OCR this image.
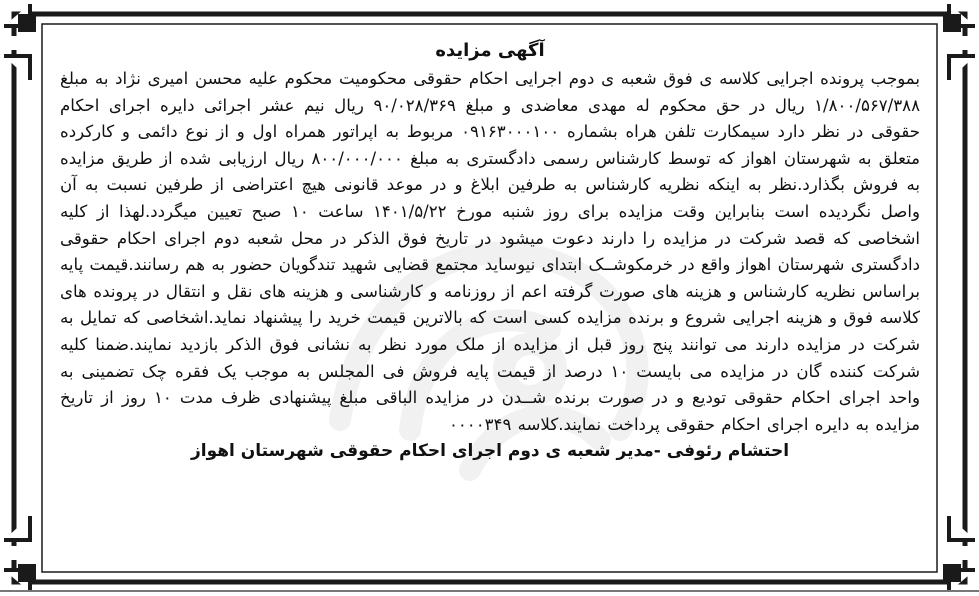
آگهی مزایده

بموجب پرونده اجرایی کلاسه ی فوق شعبه ی دوم اجرایی احکام حقوقی محکومیت محکوم علیه محسن امیری نژاد به مبلغ ۱/۸۰۰/۵۶۷/۳۸۸ ریال در حق محکوم له مهدی معاضدی و مبلغ ۹۰/۰۲۸/۳۶۹ ریال نیم عشر اجرائی دایره اجرای احکام حقوقی در نظر دارد سیمکارت تلفن هراه بشماره ۰۹۱۶۳۰۰۰۱۰۰ مربوط به اپراتور همراه اول و از نوع دائمی و کارکرده متعلق به شهرستان اهواز که توسط کارشناس رسمی دادگستری به مبلغ ۸۰۰/۰۰۰/۰۰۰ ریال ارزیابی شده از طریق مزایده به فروش بگذارد.نظر به اینکه نظریه کارشناس به طرفین ابلاغ و در موعد قانونی هیچ اعتراضی از طرفین نسبت به آن واصل نگردیده است بنابراین وقت مزایده برای روز شنبه مورخ ۱۴۰۱/۵/۲۲ ساعت ۱۰ صبح تعیین میگردد.لهذا از کلیه اشخاصی که قصد شرکت در مزایده را دارند دعوت میشود در تاریخ فوق الذکر در محل شعبه دوم اجرای احکام حقوقی دادگستری شهرستان اهواز واقع در خرمکوشــک ابتدای نیوساید مجتمع قضایی شهید تندگویان حضور به هم رسانند.قیمت پایه براساس نظریه کارشناس و هزینه های صورت گرفته اعم از روزنامه و کارشناسی و هزینه های نقل و انتقال در پرونده های کلاسه فوق و هزینه اجرایی شروع و برنده مزایده کسی است که بالاترین قیمت خرید را پیشنهاد نماید.اشخاصی که تمایل به شرکت در مزایده دارند می توانند پنج روز قبل از مزایده از ملک مورد نظر به نشانی فوق الذکر بازدید نمایند.ضمنا کلیه شرکت کننده گان در مزایده می بایست ۱۰ درصد از قیمت پایه فروش فی المجلس به موجب یک فقره چک تضمینی به واحد اجرای احکام حقوقی تودیع و در صورت برنده شــدن در مزایده الباقی مبلغ پیشنهادی ظرف مدت ۱۰ روز از تاریخ مزایده به دایره اجرای احکام حقوقی پرداخت نمایند.کلاسه ۰۰۰۰۳۴۹

احتشام رئوفی -مدیر شعبه ی دوم اجرای احکام حقوقی شهرستان اهواز
